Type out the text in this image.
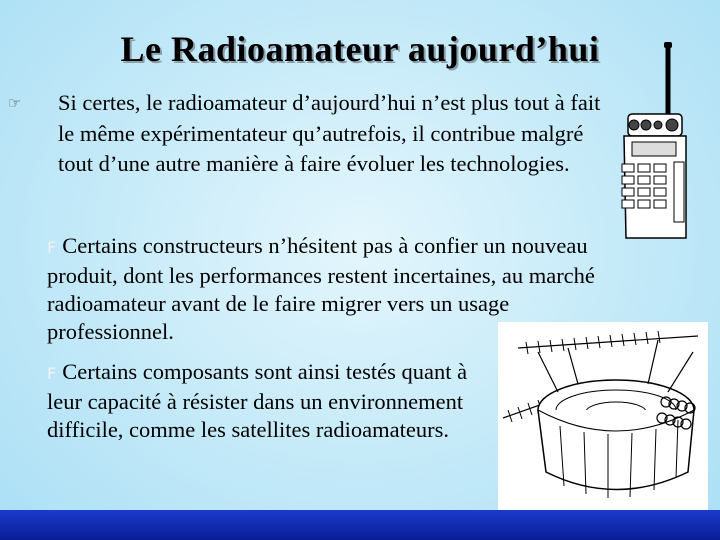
Le Radioamateur aujourd’hui
☞	Si certes, le radioamateur d’aujourd’hui n’est plus tout à fait le même expérimentateur qu’autrefois, il contribue malgré tout d’une autre manière à faire évoluer les technologies.
F Certains constructeurs n’hésitent pas à confier un nouveau produit, dont les performances restent incertaines, au marché radioamateur avant de le faire migrer vers un usage professionnel.
F Certains composants sont ainsi testés quant à leur capacité à résister dans un environnement difficile, comme les satellites radioamateurs.
